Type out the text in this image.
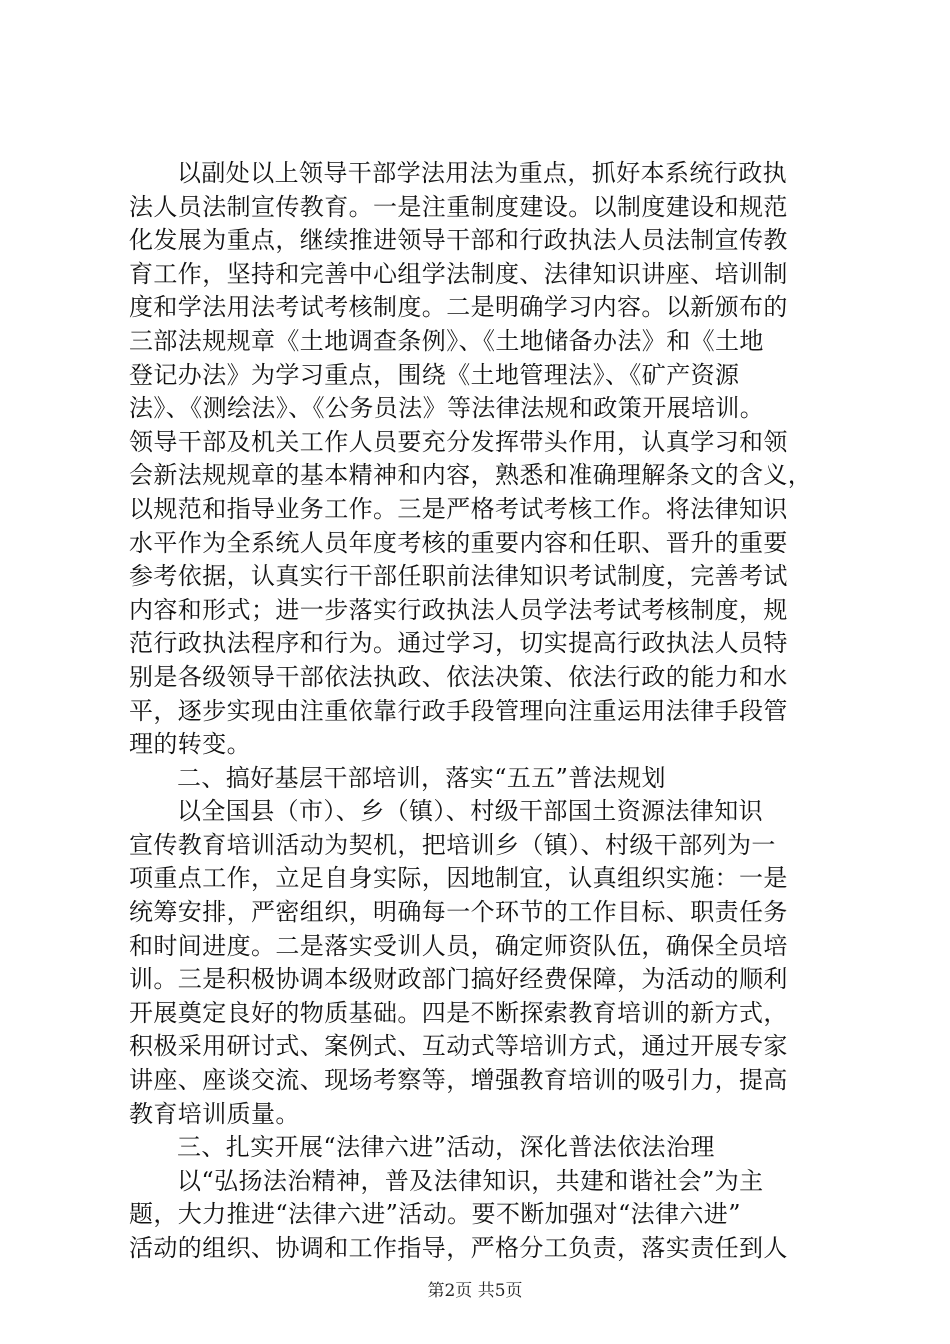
以副处以上领导干部学法用法为重点，抓好本系统行政执
法人员法制宣传教育。一是注重制度建设。以制度建设和规范
化发展为重点，继续推进领导干部和行政执法人员法制宣传教
育工作，坚持和完善中心组学法制度、法律知识讲座、培训制
度和学法用法考试考核制度。二是明确学习内容。以新颁布的
三部法规规章《土地调查条例》、《土地储备办法》和《土地
登记办法》为学习重点，围绕《土地管理法》、《矿产资源
法》、《测绘法》、《公务员法》等法律法规和政策开展培训。
领导干部及机关工作人员要充分发挥带头作用，认真学习和领
会新法规规章的基本精神和内容，熟悉和准确理解条文的含义，
以规范和指导业务工作。三是严格考试考核工作。将法律知识
水平作为全系统人员年度考核的重要内容和任职、晋升的重要
参考依据，认真实行干部任职前法律知识考试制度，完善考试
内容和形式；进一步落实行政执法人员学法考试考核制度，规
范行政执法程序和行为。通过学习，切实提高行政执法人员特
别是各级领导干部依法执政、依法决策、依法行政的能力和水
平，逐步实现由注重依靠行政手段管理向注重运用法律手段管
理的转变。
二、搞好基层干部培训，落实“五五”普法规划
以全国县（市）、乡（镇）、村级干部国土资源法律知识
宣传教育培训活动为契机，把培训乡（镇）、村级干部列为一
项重点工作，立足自身实际，因地制宜，认真组织实施：一是
统筹安排，严密组织，明确每一个环节的工作目标、职责任务
和时间进度。二是落实受训人员，确定师资队伍，确保全员培
训。三是积极协调本级财政部门搞好经费保障，为活动的顺利
开展奠定良好的物质基础。四是不断探索教育培训的新方式，
积极采用研讨式、案例式、互动式等培训方式，通过开展专家
讲座、座谈交流、现场考察等，增强教育培训的吸引力，提高
教育培训质量。
三、扎实开展“法律六进”活动，深化普法依法治理
以“弘扬法治精神，普及法律知识，共建和谐社会”为主
题，大力推进“法律六进”活动。要不断加强对“法律六进”
活动的组织、协调和工作指导，严格分工负责，落实责任到人
第2页 共5页
